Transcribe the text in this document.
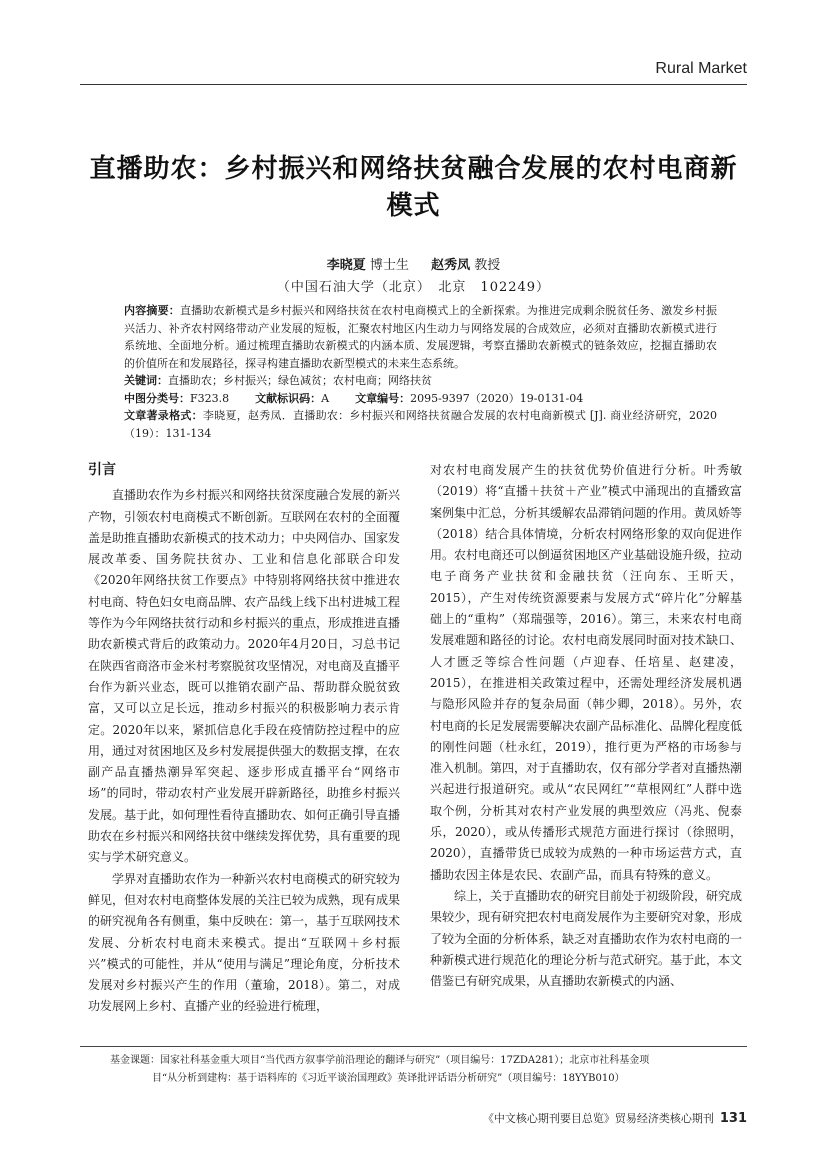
Rural Market
直播助农：乡村振兴和网络扶贫融合发展的农村电商新模式
李晓夏 博士生 赵秀凤 教授
（中国石油大学（北京）　北京　102249）
内容摘要：直播助农新模式是乡村振兴和网络扶贫在农村电商模式上的全新探索。为推进完成剩余脱贫任务、激发乡村振兴活力、补齐农村网络带动产业发展的短板，汇聚农村地区内生动力与网络发展的合成效应，必须对直播助农新模式进行系统地、全面地分析。通过梳理直播助农新模式的内涵本质、发展逻辑，考察直播助农新模式的链条效应，挖掘直播助农的价值所在和发展路径，探寻构建直播助农新型模式的未来生态系统。
关键词：直播助农；乡村振兴；绿色减贫；农村电商；网络扶贫
中图分类号：F323.8 文献标识码：A 文章编号：2095-9397（2020）19-0131-04
文章著录格式：李晓夏，赵秀凤．直播助农：乡村振兴和网络扶贫融合发展的农村电商新模式 [J]. 商业经济研究，2020（19）：131-134
引言

直播助农作为乡村振兴和网络扶贫深度融合发展的新兴产物，引领农村电商模式不断创新。互联网在农村的全面覆盖是助推直播助农新模式的技术动力；中央网信办、国家发展改革委、国务院扶贫办、工业和信息化部联合印发《2020年网络扶贫工作要点》中特别将网络扶贫中推进农村电商、特色妇女电商品牌、农产品线上线下出村进城工程等作为今年网络扶贫行动和乡村振兴的重点，形成推进直播助农新模式背后的政策动力。2020年4月20日，习总书记在陕西省商洛市金米村考察脱贫攻坚情况，对电商及直播平台作为新兴业态，既可以推销农副产品、帮助群众脱贫致富，又可以立足长远，推动乡村振兴的积极影响力表示肯定。2020年以来，紧抓信息化手段在疫情防控过程中的应用，通过对贫困地区及乡村发展提供强大的数据支撑，在农副产品直播热潮异军突起、逐步形成直播平台“网络市场”的同时，带动农村产业发展开辟新路径，助推乡村振兴发展。基于此，如何理性看待直播助农、如何正确引导直播助农在乡村振兴和网络扶贫中继续发挥优势，具有重要的现实与学术研究意义。

学界对直播助农作为一种新兴农村电商模式的研究较为鲜见，但对农村电商整体发展的关注已较为成熟，现有成果的研究视角各有侧重，集中反映在：第一，基于互联网技术发展、分析农村电商未来模式。提出“互联网＋乡村振兴”模式的可能性，并从“使用与满足”理论角度，分析技术发展对乡村振兴产生的作用（董瑜，2018）。第二，对成功发展网上乡村、直播产业的经验进行梳理，

对农村电商发展产生的扶贫优势价值进行分析。叶秀敏（2019）将“直播＋扶贫＋产业”模式中涌现出的直播致富案例集中汇总，分析其缓解农品滞销问题的作用。黄凤娇等（2018）结合具体情境，分析农村网络形象的双向促进作用。农村电商还可以倒逼贫困地区产业基础设施升级，拉动电子商务产业扶贫和金融扶贫（汪向东、王昕天，2015），产生对传统资源要素与发展方式“碎片化”分解基础上的“重构”（郑瑞强等，2016）。第三，未来农村电商发展难题和路径的讨论。农村电商发展同时面对技术缺口、人才匮乏等综合性问题（卢迎春、任培星、赵建凌，2015），在推进相关政策过程中，还需处理经济发展机遇与隐形风险并存的复杂局面（韩少卿，2018）。另外，农村电商的长足发展需要解决农副产品标准化、品牌化程度低的刚性问题（杜永红，2019），推行更为严格的市场参与准入机制。第四，对于直播助农，仅有部分学者对直播热潮兴起进行报道研究。或从“农民网红”“草根网红”人群中选取个例，分析其对农村产业发展的典型效应（冯兆、倪泰乐，2020），或从传播形式规范方面进行探讨（徐照明，2020），直播带货已成较为成熟的一种市场运营方式，直播助农因主体是农民、农副产品，而具有特殊的意义。

综上，关于直播助农的研究目前处于初级阶段，研究成果较少，现有研究把农村电商发展作为主要研究对象，形成了较为全面的分析体系，缺乏对直播助农作为农村电商的一种新模式进行规范化的理论分析与范式研究。基于此，本文借鉴已有研究成果，从直播助农新模式的内涵、

基金课题：国家社科基金重大项目“当代西方叙事学前沿理论的翻译与研究”（项目编号：17ZDA281）；北京市社科基金项
目“从分析到建构：基于语料库的《习近平谈治国理政》英译批评话语分析研究”（项目编号：18YYB010）
《中文核心期刊要目总览》贸易经济类核心期刊 131
